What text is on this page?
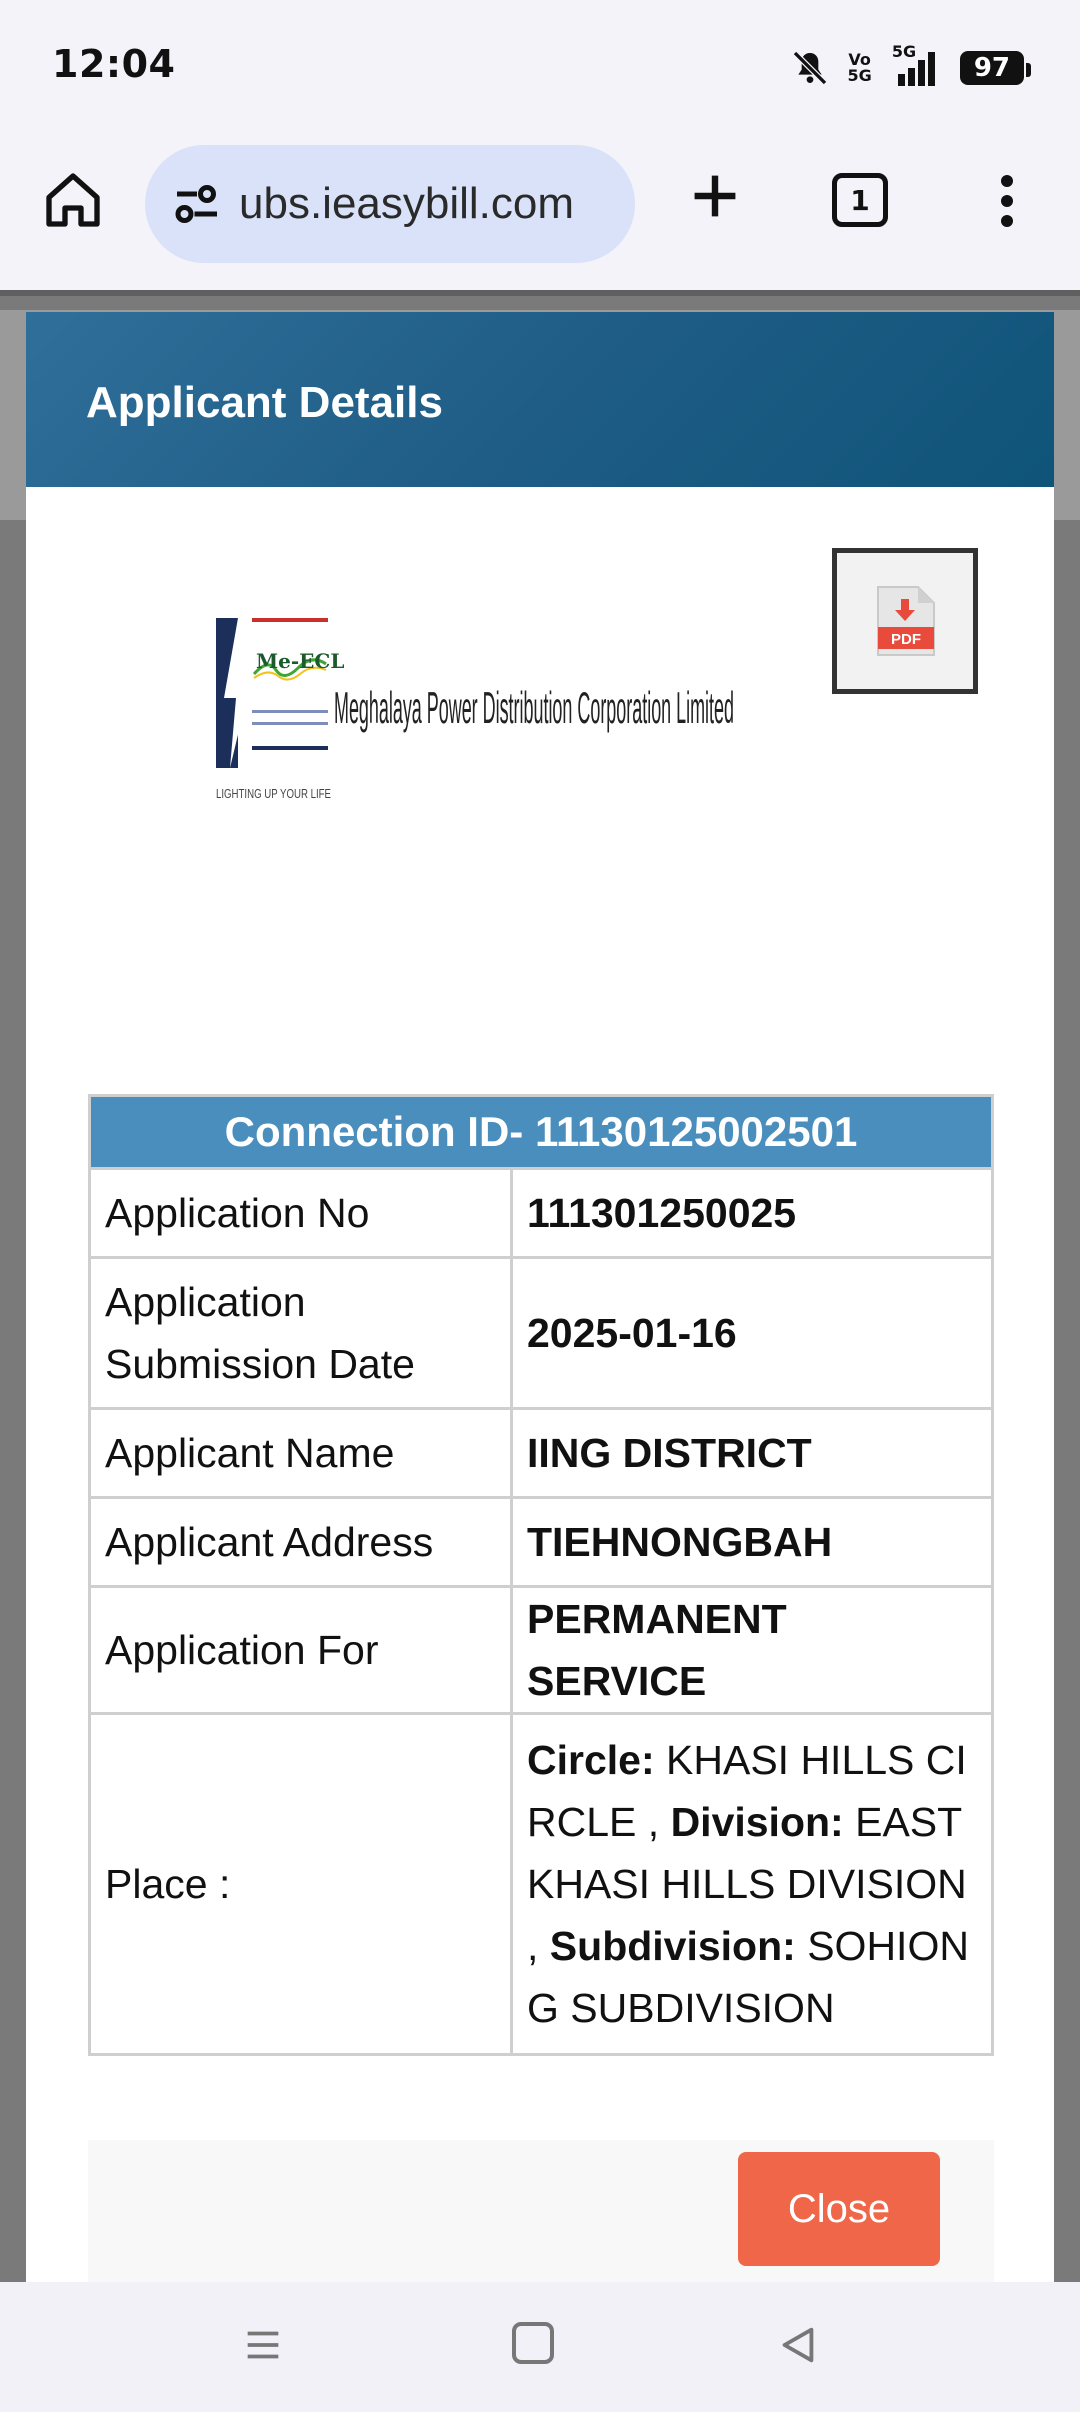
12:04	Vo
5G
5G
97
ubs.ieasybill.com	1
Applicant Details
Me-ECL
Meghalaya Power Distribution Corporation Limited
LIGHTING UP YOUR LIFE
PDF
Connection ID- 11130125002501	
Application No	111301250025
Application Submission Date	2025-01-16
Applicant Name	IING DISTRICT
Applicant Address	TIEHNONGBAH
Application For	PERMANENT SERVICE
Place :	Circle: KHASI HILLS CIRCLE , Division: EAST KHASI HILLS DIVISION , Subdivision: SOHIONG SUBDIVISION
Close
